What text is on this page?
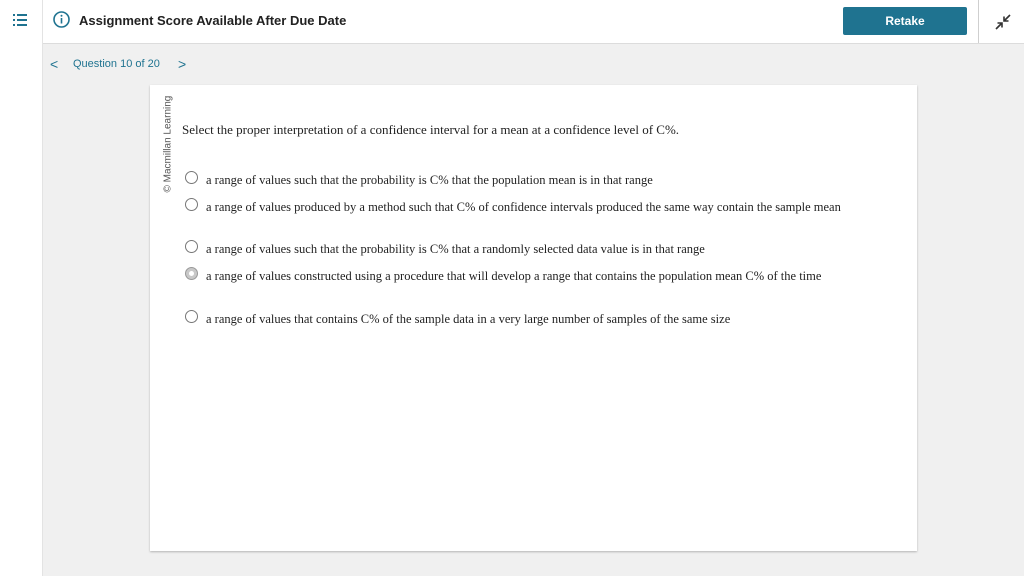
Assignment Score Available After Due Date	Retake
< Question 10 of 20 >
© Macmillan Learning Select the proper interpretation of a confidence interval for a mean at a confidence level of C%.
a range of values such that the probability is C% that the population mean is in that range
a range of values produced by a method such that C% of confidence intervals produced the same way contain the sample mean
a range of values such that the probability is C% that a randomly selected data value is in that range
a range of values constructed using a procedure that will develop a range that contains the population mean C% of the time
a range of values that contains C% of the sample data in a very large number of samples of the same size
